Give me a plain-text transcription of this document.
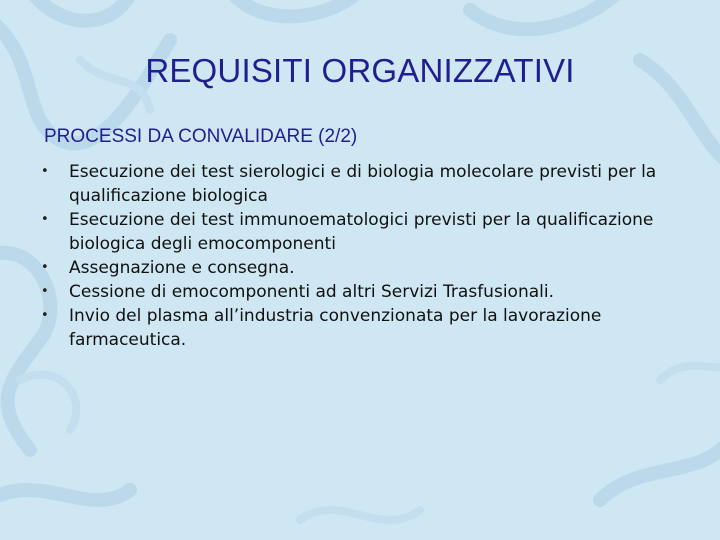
REQUISITI ORGANIZZATIVI
PROCESSI DA CONVALIDARE (2/2)
• Esecuzione dei test sierologici e di biologia molecolare previsti per la qualificazione biologica
• Esecuzione dei test immunoematologici previsti per la qualificazione biologica degli emocomponenti
• Assegnazione e consegna.
• Cessione di emocomponenti ad altri Servizi Trasfusionali.
• Invio del plasma all’industria convenzionata per la lavorazione farmaceutica.
